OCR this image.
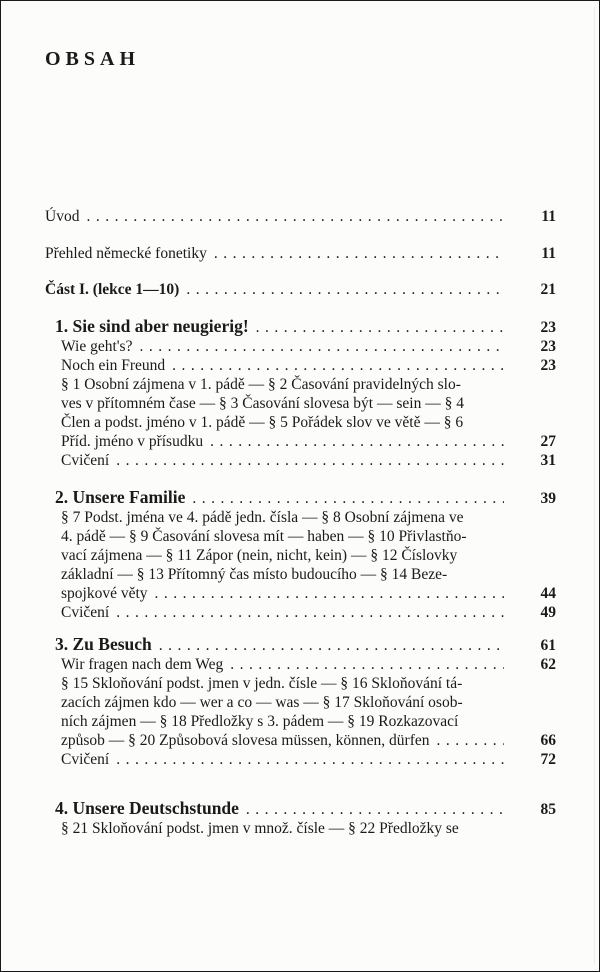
OBSAH
Úvod .....	11
Přehled německé fonetiky .....	11
Část I. (lekce 1—10) .....	21
1. Sie sind aber neugierig! .....	23
Wie geht's? .....	23
Noch ein Freund .....	23
§ 1 Osobní zájmena v 1. pádě — § 2 Časování pravidelných slo-
ves v přítomném čase — § 3 Časování slovesa být — sein — § 4
Člen a podst. jméno v 1. pádě — § 5 Pořádek slov ve větě — § 6
Příd. jméno v přísudku .....	27
Cvičení .....	31
2. Unsere Familie .....	39
§ 7 Podst. jména ve 4. pádě jedn. čísla — § 8 Osobní zájmena ve
4. pádě — § 9 Časování slovesa mít — haben — § 10 Přivlastňo-
vací zájmena — § 11 Zápor (nein, nicht, kein) — § 12 Číslovky
základní — § 13 Přítomný čas místo budoucího — § 14 Beze-
spojkové věty .....	44
Cvičení .....	49
3. Zu Besuch .....	61
Wir fragen nach dem Weg .....	62
§ 15 Skloňování podst. jmen v jedn. čísle — § 16 Skloňování tá-
zacích zájmen kdo — wer a co — was — § 17 Skloňování osob-
ních zájmen — § 18 Předložky s 3. pádem — § 19 Rozkazovací
způsob — § 20 Způsobová slovesa müssen, können, dürfen .....	66
Cvičení .....	72
4. Unsere Deutschstunde .....	85
§ 21 Skloňování podst. jmen v množ. čísle — § 22 Předložky se
